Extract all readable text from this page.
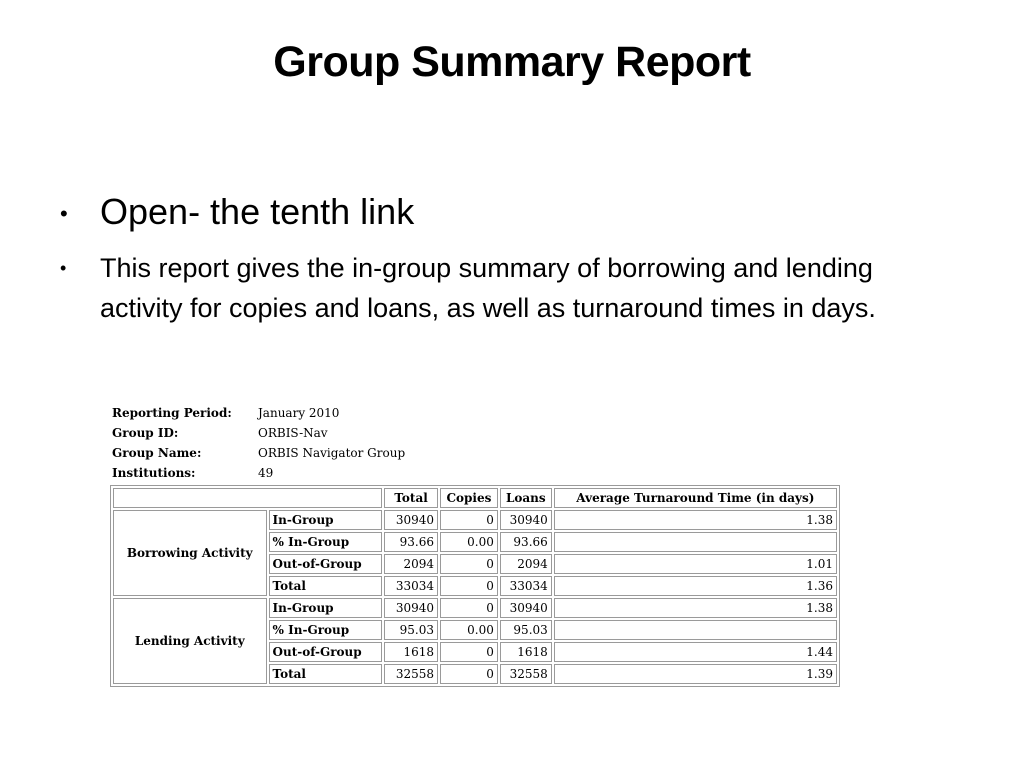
Group Summary Report
• Open- the tenth link
• This report gives the in-group summary of borrowing and lending activity for copies and loans, as well as turnaround times in days.
Reporting Period:	January 2010
Group ID:	ORBIS-Nav
Group Name:	ORBIS Navigator Group
Institutions:	49
		Total	Copies	Loans	Average Turnaround Time (in days)
Borrowing Activity	In-Group	30940	0	30940	1.38
	% In-Group	93.66	0.00	93.66	
	Out-of-Group	2094	0	2094	1.01
	Total	33034	0	33034	1.36
Lending Activity	In-Group	30940	0	30940	1.38
	% In-Group	95.03	0.00	95.03	
	Out-of-Group	1618	0	1618	1.44
	Total	32558	0	32558	1.39
